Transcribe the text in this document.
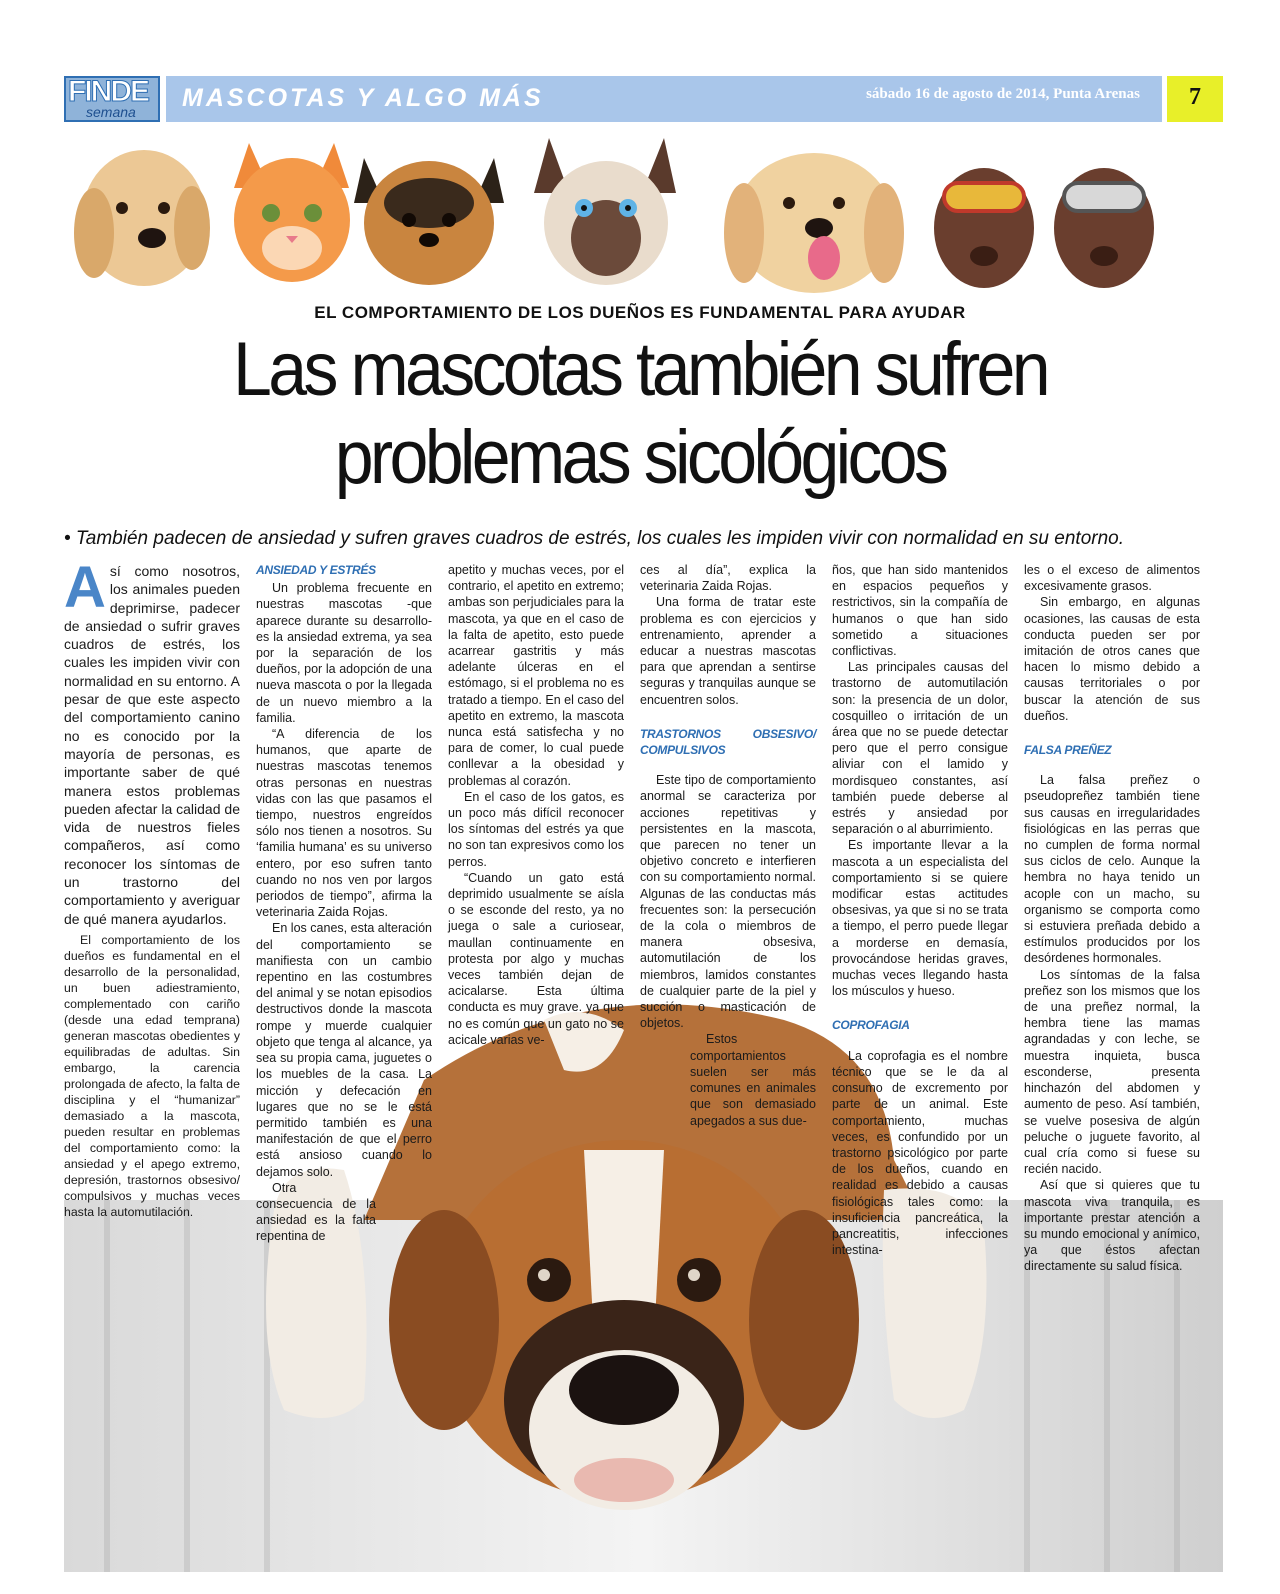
FINDE
semana MASCOTAS Y ALGO MÁS	sábado 16 de agosto de 2014, Punta Arenas	7
EL COMPORTAMIENTO DE LOS DUEÑOS ES FUNDAMENTAL PARA AYUDAR
Las mascotas también sufren
problemas sicológicos
• También padecen de ansiedad y sufren graves cuadros de estrés, los cuales les impiden vivir con normalidad en su entorno.

Así como nosotros, los animales pueden deprimirse, padecer de ansiedad o sufrir graves cuadros de estrés, los cuales les impiden vivir con normalidad en su entorno. A pesar de que este aspecto del comportamiento canino no es conocido por la mayoría de personas, es importante saber de qué manera estos problemas pueden afectar la calidad de vida de nuestros fieles compañeros, así como reconocer los síntomas de un trastorno del comportamiento y averiguar de qué manera ayudarlos.

El comportamiento de los dueños es fundamental en el desarrollo de la personalidad, un buen adiestramiento, complementado con cariño (desde una edad temprana) generan mascotas obedientes y equilibradas de adultas. Sin embargo, la carencia prolongada de afecto, la falta de disciplina y el “humanizar” demasiado a la mascota, pueden resultar en problemas del comportamiento como: la ansiedad y el apego extremo, depresión, trastornos obsesivo/ compulsivos y muchas veces hasta la automutilación.

ANSIEDAD Y ESTRÉS

Un problema frecuente en nuestras mascotas -que aparece durante su desarrollo- es la ansiedad extrema, ya sea por la separación de los dueños, por la adopción de una nueva mascota o por la llegada de un nuevo miembro a la familia.

“A diferencia de los humanos, que aparte de nuestras mascotas tenemos otras personas en nuestras vidas con las que pasamos el tiempo, nuestros engreídos sólo nos tienen a nosotros. Su ‘familia humana’ es su universo entero, por eso sufren tanto cuando no nos ven por largos periodos de tiempo”, afirma la veterinaria Zaida Rojas.

En los canes, esta alteración del comportamiento se manifiesta con un cambio repentino en las costumbres del animal y se notan episodios destructivos donde la mascota rompe y muerde cualquier objeto que tenga al alcance, ya sea su propia cama, juguetes o los muebles de la casa. La micción y defecación en lugares que no se le está permitido también es una manifestación de que el perro está ansioso cuando lo dejamos solo.

Otra consecuencia de la ansiedad es la falta repentina de

apetito y muchas veces, por el contrario, el apetito en extremo; ambas son perjudiciales para la mascota, ya que en el caso de la falta de apetito, esto puede acarrear gastritis y más adelante úlceras en el estómago, si el problema no es tratado a tiempo. En el caso del apetito en extremo, la mascota nunca está satisfecha y no para de comer, lo cual puede conllevar a la obesidad y problemas al corazón.

En el caso de los gatos, es un poco más difícil reconocer los síntomas del estrés ya que no son tan expresivos como los perros.

“Cuando un gato está deprimido usualmente se aísla o se esconde del resto, ya no juega o sale a curiosear, maullan continuamente en protesta por algo y muchas veces también dejan de acicalarse. Esta última conducta es muy grave. ya que no es común que un gato no se acicale varias ve-

ces al día”, explica la veterinaria Zaida Rojas.

Una forma de tratar este problema es con ejercicios y entrenamiento, aprender a educar a nuestras mascotas para que aprendan a sentirse seguras y tranquilas aunque se encuentren solos.

TRASTORNOS OBSESIVO/ COMPULSIVOS

Este tipo de comportamiento anormal se caracteriza por acciones repetitivas y persistentes en la mascota, que parecen no tener un objetivo concreto e interfieren con su comportamiento normal. Algunas de las conductas más frecuentes son: la persecución de la cola o miembros de manera obsesiva, automutilación de los miembros, lamidos constantes de cualquier parte de la piel y succión o masticación de objetos.

Estos comportamientos suelen ser más comunes en animales que son demasiado apegados a sus due-

ños, que han sido mantenidos en espacios pequeños y restrictivos, sin la compañía de humanos o que han sido sometido a situaciones conflictivas.

Las principales causas del trastorno de automutilación son: la presencia de un dolor, cosquilleo o irritación de un área que no se puede detectar pero que el perro consigue aliviar con el lamido y mordisqueo constantes, así también puede deberse al estrés y ansiedad por separación o al aburrimiento.

Es importante llevar a la mascota a un especialista del comportamiento si se quiere modificar estas actitudes obsesivas, ya que si no se trata a tiempo, el perro puede llegar a morderse en demasía, provocándose heridas graves, muchas veces llegando hasta los músculos y hueso.

COPROFAGIA

La coprofagia es el nombre técnico que se le da al consumo de excremento por parte de un animal. Este comportamiento, muchas veces, es confundido por un trastorno psicológico por parte de los dueños, cuando en realidad es debido a causas fisiológicas tales como: la insuficiencia pancreática, la pancreatitis, infecciones intestina-

les o el exceso de alimentos excesivamente grasos.

Sin embargo, en algunas ocasiones, las causas de esta conducta pueden ser por imitación de otros canes que hacen lo mismo debido a causas territoriales o por buscar la atención de sus dueños.

FALSA PREÑEZ

La falsa preñez o pseudopreñez también tiene sus causas en irregularidades fisiológicas en las perras que no cumplen de forma normal sus ciclos de celo. Aunque la hembra no haya tenido un acople con un macho, su organismo se comporta como si estuviera preñada debido a estímulos producidos por los desórdenes hormonales.

Los síntomas de la falsa preñez son los mismos que los de una preñez normal, la hembra tiene las mamas agrandadas y con leche, se muestra inquieta, busca esconderse, presenta hinchazón del abdomen y aumento de peso. Así también, se vuelve posesiva de algún peluche o juguete favorito, al cual cría como si fuese su recién nacido.

Así que si quieres que tu mascota viva tranquila, es importante prestar atención a su mundo emocional y anímico, ya que éstos afectan directamente su salud física.
